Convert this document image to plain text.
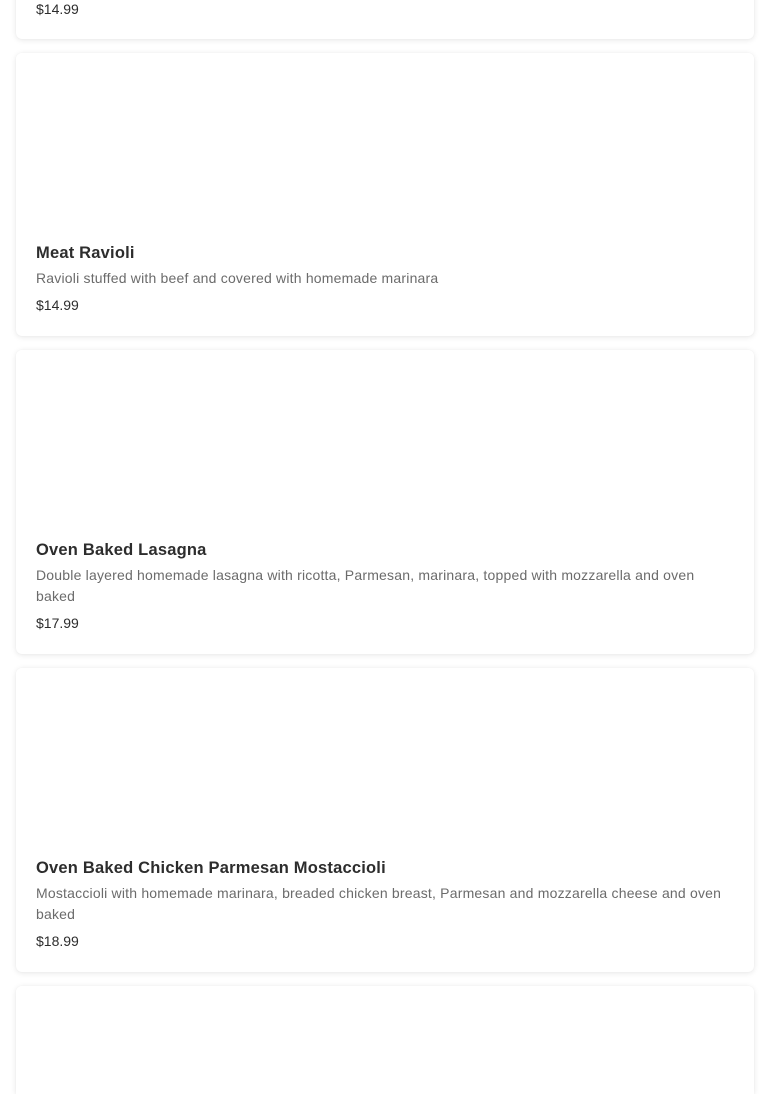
$14.99

Meat Ravioli

Ravioli stuffed with beef and covered with homemade marinara

$14.99

Oven Baked Lasagna

Double layered homemade lasagna with ricotta, Parmesan, marinara, topped with mozzarella and oven baked

$17.99

Oven Baked Chicken Parmesan Mostaccioli

Mostaccioli with homemade marinara, breaded chicken breast, Parmesan and mozzarella cheese and oven baked

$18.99
